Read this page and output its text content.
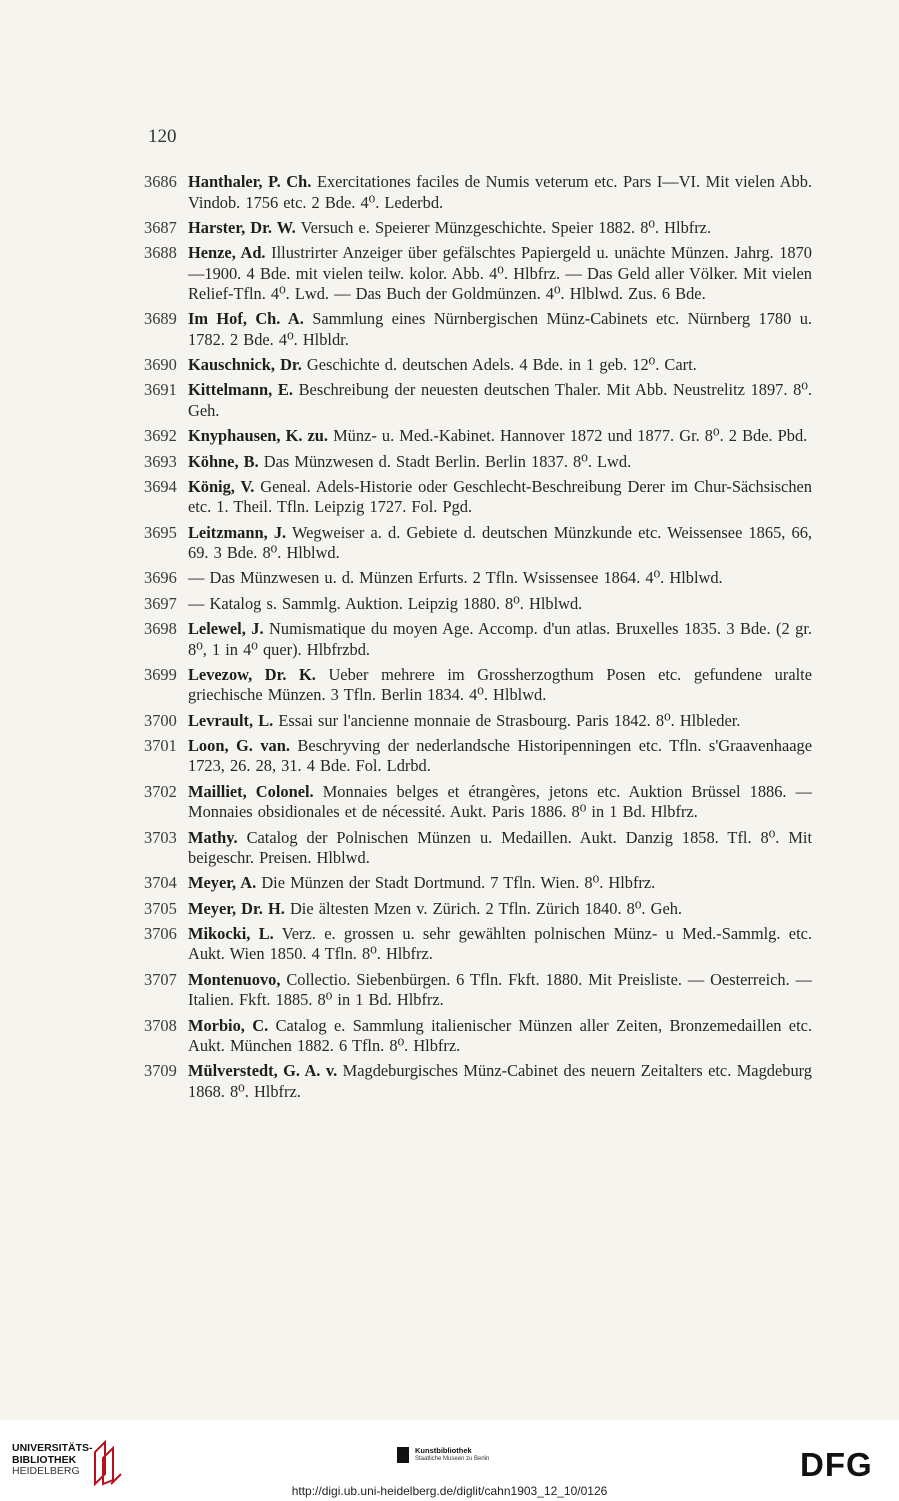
120
3686 Hanthaler, P. Ch. Exercitationes faciles de Numis veterum etc. Pars I—VI. Mit vielen Abb. Vindob. 1756 etc. 2 Bde. 4⁰. Lederbd.
3687 Harster, Dr. W. Versuch e. Speierer Münzgeschichte. Speier 1882. 8⁰. Hlbfrz.
3688 Henze, Ad. Illustrirter Anzeiger über gefälschtes Papiergeld u. unächte Münzen. Jahrg. 1870—1900. 4 Bde. mit vielen teilw. kolor. Abb. 4⁰. Hlbfrz. — Das Geld aller Völker. Mit vielen Relief-Tfln. 4⁰. Lwd. — Das Buch der Goldmünzen. 4⁰. Hlblwd. Zus. 6 Bde.
3689 Im Hof, Ch. A. Sammlung eines Nürnbergischen Münz-Cabinets etc. Nürnberg 1780 u. 1782. 2 Bde. 4⁰. Hlbldr.
3690 Kauschnick, Dr. Geschichte d. deutschen Adels. 4 Bde. in 1 geb. 12⁰. Cart.
3691 Kittelmann, E. Beschreibung der neuesten deutschen Thaler. Mit Abb. Neustrelitz 1897. 8⁰. Geh.
3692 Knyphausen, K. zu. Münz- u. Med.-Kabinet. Hannover 1872 und 1877. Gr. 8⁰. 2 Bde. Pbd.
3693 Köhne, B. Das Münzwesen d. Stadt Berlin. Berlin 1837. 8⁰. Lwd.
3694 König, V. Geneal. Adels-Historie oder Geschlecht-Beschreibung Derer im Chur-Sächsischen etc. 1. Theil. Tfln. Leipzig 1727. Fol. Pgd.
3695 Leitzmann, J. Wegweiser a. d. Gebiete d. deutschen Münzkunde etc. Weissensee 1865, 66, 69. 3 Bde. 8⁰. Hlblwd.
3696 — Das Münzwesen u. d. Münzen Erfurts. 2 Tfln. Wsissensee 1864. 4⁰. Hlblwd.
3697 — Katalog s. Sammlg. Auktion. Leipzig 1880. 8⁰. Hlblwd.
3698 Lelewel, J. Numismatique du moyen Age. Accomp. d'un atlas. Bruxelles 1835. 3 Bde. (2 gr. 8⁰, 1 in 4⁰ quer). Hlbfrzbd.
3699 Levezow, Dr. K. Ueber mehrere im Grossherzogthum Posen etc. gefundene uralte griechische Münzen. 3 Tfln. Berlin 1834. 4⁰. Hlblwd.
3700 Levrault, L. Essai sur l'ancienne monnaie de Strasbourg. Paris 1842. 8⁰. Hlbleder.
3701 Loon, G. van. Beschryving der nederlandsche Historipenningen etc. Tfln. s'Graavenhaage 1723, 26. 28, 31. 4 Bde. Fol. Ldrbd.
3702 Mailliet, Colonel. Monnaies belges et étrangères, jetons etc. Auktion Brüssel 1886. — Monnaies obsidionales et de nécessité. Aukt. Paris 1886. 8⁰ in 1 Bd. Hlbfrz.
3703 Mathy. Catalog der Polnischen Münzen u. Medaillen. Aukt. Danzig 1858. Tfl. 8⁰. Mit beigeschr. Preisen. Hlblwd.
3704 Meyer, A. Die Münzen der Stadt Dortmund. 7 Tfln. Wien. 8⁰. Hlbfrz.
3705 Meyer, Dr. H. Die ältesten Mzen v. Zürich. 2 Tfln. Zürich 1840. 8⁰. Geh.
3706 Mikocki, L. Verz. e. grossen u. sehr gewählten polnischen Münz- u Med.-Sammlg. etc. Aukt. Wien 1850. 4 Tfln. 8⁰. Hlbfrz.
3707 Montenuovo, Collectio. Siebenbürgen. 6 Tfln. Fkft. 1880. Mit Preisliste. — Oesterreich. — Italien. Fkft. 1885. 8⁰ in 1 Bd. Hlbfrz.
3708 Morbio, C. Catalog e. Sammlung italienischer Münzen aller Zeiten, Bronzemedaillen etc. Aukt. München 1882. 6 Tfln. 8⁰. Hlbfrz.
3709 Mülverstedt, G. A. v. Magdeburgisches Münz-Cabinet des neuern Zeitalters etc. Magdeburg 1868. 8⁰. Hlbfrz.
UNIVERSITÄTS-
BIBLIOTHEK
HEIDELBERG
Kunstbibliothek
Staatliche Museen zu Berlin	DFG
http://digi.ub.uni-heidelberg.de/diglit/cahn1903_12_10/0126
